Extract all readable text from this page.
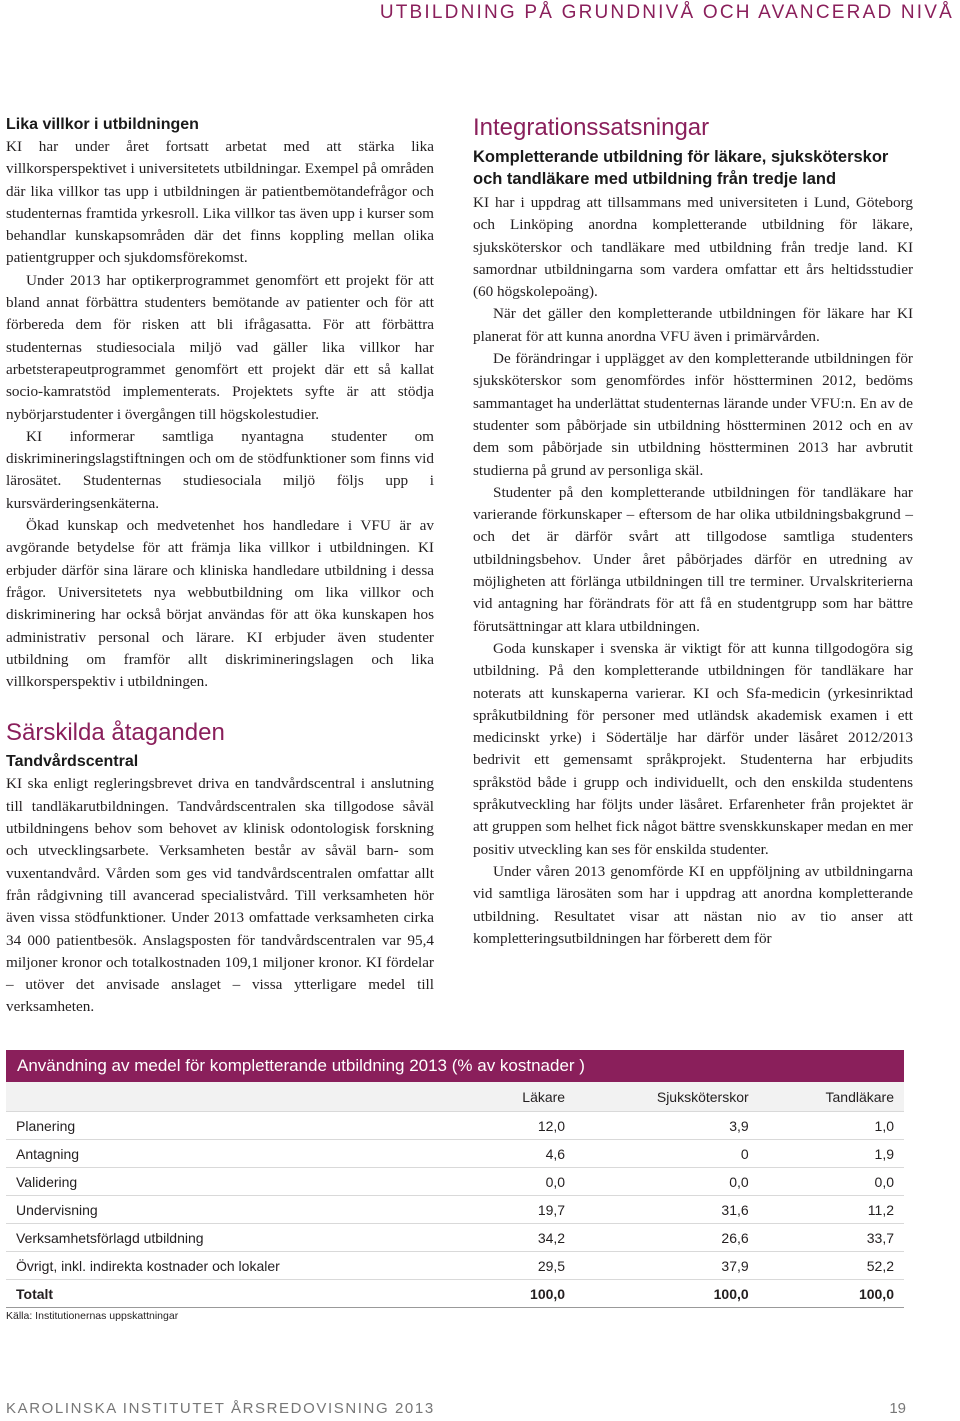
UTBILDNING PÅ GRUNDNIVÅ OCH AVANCERAD NIVÅ
Lika villkor i utbildningen

KI har under året fortsatt arbetat med att stärka lika villkorsperspektivet i universitetets utbildningar. Exempel på områden där lika villkor tas upp i utbildningen är patientbemötandefrågor och studenternas framtida yrkesroll. Lika villkor tas även upp i kurser som behandlar kunskapsområden där det finns koppling mellan olika patientgrupper och sjukdomsförekomst.

Under 2013 har optikerprogrammet genomfört ett projekt för att bland annat förbättra studenters bemötande av patienter och för att förbereda dem för risken att bli ifrågasatta. För att förbättra studenternas studiesociala miljö vad gäller lika villkor har arbetsterapeutprogrammet genomfört ett projekt där ett så kallat socio-kamratstöd implementerats. Projektets syfte är att stödja nybörjarstudenter i övergången till högskolestudier.

KI informerar samtliga nyantagna studenter om diskrimineringslagstiftningen och om de stödfunktioner som finns vid lärosätet. Studenternas studiesociala miljö följs upp i kursvärderingsenkäterna.

Ökad kunskap och medvetenhet hos handledare i VFU är av avgörande betydelse för att främja lika villkor i utbildningen. KI erbjuder därför sina lärare och kliniska handledare utbildning i dessa frågor. Universitetets nya webbutbildning om lika villkor och diskriminering har också börjat användas för att öka kunskapen hos administrativ personal och lärare. KI erbjuder även studenter utbildning om framför allt diskrimineringslagen och lika villkorsperspektiv i utbildningen.

Särskilda åtaganden
Tandvårdscentral

KI ska enligt regleringsbrevet driva en tandvårdscentral i anslutning till tandläkarutbildningen. Tandvårdscentralen ska tillgodose såväl utbildningens behov som behovet av klinisk odontologisk forskning och utvecklingsarbete. Verksamheten består av såväl barn- som vuxentandvård. Vården som ges vid tandvårdscentralen omfattar allt från rådgivning till avancerad specialistvård. Till verksamheten hör även vissa stödfunktioner. Under 2013 omfattade verksamheten cirka 34 000 patientbesök. Anslagsposten för tandvårdscentralen var 95,4 miljoner kronor och totalkostnaden 109,1 miljoner kronor. KI fördelar – utöver det anvisade anslaget – vissa ytterligare medel till verksamheten.

Integrationssatsningar
Kompletterande utbildning för läkare, sjuksköterskor och tandläkare med utbildning från tredje land

KI har i uppdrag att tillsammans med universiteten i Lund, Göteborg och Linköping anordna kompletterande utbildning för läkare, sjuksköterskor och tandläkare med utbildning från tredje land. KI samordnar utbildningarna som vardera omfattar ett års heltidsstudier (60 högskolepoäng).

När det gäller den kompletterande utbildningen för läkare har KI planerat för att kunna anordna VFU även i primärvården.

De förändringar i upplägget av den kompletterande utbildningen för sjuksköterskor som genomfördes inför höstterminen 2012, bedöms sammantaget ha underlättat studenternas lärande under VFU:n. En av de studenter som påbörjade sin utbildning höstterminen 2012 och en av dem som påbörjade sin utbildning höstterminen 2013 har avbrutit studierna på grund av personliga skäl.

Studenter på den kompletterande utbildningen för tandläkare har varierande förkunskaper – eftersom de har olika utbildningsbakgrund – och det är därför svårt att tillgodose samtliga studenters utbildningsbehov. Under året påbörjades därför en utredning av möjligheten att förlänga utbildningen till tre terminer. Urvalskriterierna vid antagning har förändrats för att få en studentgrupp som har bättre förutsättningar att klara utbildningen.

Goda kunskaper i svenska är viktigt för att kunna tillgodogöra sig utbildning. På den kompletterande utbildningen för tandläkare har noterats att kunskaperna varierar. KI och Sfa-medicin (yrkesinriktad språkutbildning för personer med utländsk akademisk examen i ett medicinskt yrke) i Södertälje har därför under läsåret 2012/2013 bedrivit ett gemensamt språkprojekt. Studenterna har erbjudits språkstöd både i grupp och individuellt, och den enskilda studentens språkutveckling har följts under läsåret. Erfarenheter från projektet är att gruppen som helhet fick något bättre svenskkunskaper medan en mer positiv utveckling kan ses för enskilda studenter.

Under våren 2013 genomförde KI en uppföljning av utbildningarna vid samtliga lärosäten som har i uppdrag att anordna kompletterande utbildning. Resultatet visar att nästan nio av tio anser att kompletteringsutbildningen har förberett dem för

Användning av medel för kompletterande utbildning 2013 (% av kostnader )
	Läkare	Sjuksköterskor	Tandläkare
Planering	12,0	3,9	1,0
Antagning	4,6	0	1,9
Validering	0,0	0,0	0,0
Undervisning	19,7	31,6	11,2
Verksamhetsförlagd utbildning	34,2	26,6	33,7
Övrigt, inkl. indirekta kostnader och lokaler	29,5	37,9	52,2
Totalt	100,0	100,0	100,0
Källa: Institutionernas uppskattningar
KAROLINSKA INSTITUTET ÅRSREDOVISNING 2013	19
